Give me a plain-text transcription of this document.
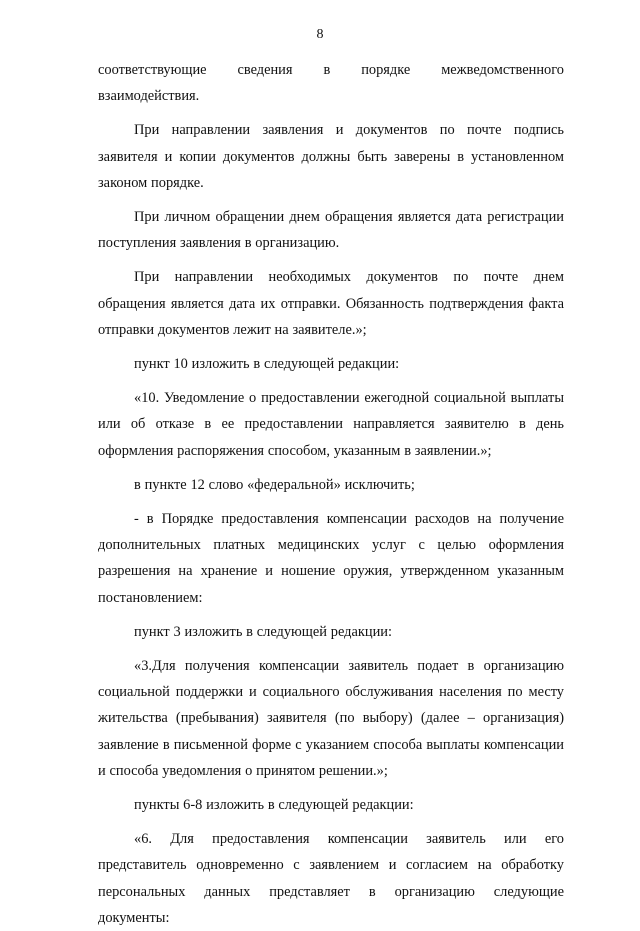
8
соответствующие сведения в порядке межведомственного
взаимодействия.
При направлении заявления и документов по почте подпись
заявителя и копии документов должны быть заверены в установленном
законом порядке.
При личном обращении днем обращения является дата регистрации
поступления заявления в организацию.
При направлении необходимых документов по почте днем
обращения является дата их отправки. Обязанность подтверждения факта
отправки документов лежит на заявителе.»;
пункт 10 изложить в следующей редакции:
«10. Уведомление о предоставлении ежегодной социальной выплаты
или об отказе в ее предоставлении направляется заявителю в день
оформления распоряжения способом, указанным в заявлении.»;
в пункте 12 слово «федеральной» исключить;
- в Порядке предоставления компенсации расходов на получение
дополнительных платных медицинских услуг с целью оформления
разрешения на хранение и ношение оружия, утвержденном указанным
постановлением:
пункт 3 изложить в следующей редакции:
«3.Для получения компенсации заявитель подает в организацию
социальной поддержки и социального обслуживания населения по месту
жительства (пребывания) заявителя (по выбору) (далее – организация)
заявление в письменной форме с указанием способа выплаты компенсации
и способа уведомления о принятом решении.»;
пункты 6-8 изложить в следующей редакции:
«6. Для предоставления компенсации заявитель или его
представитель одновременно с заявлением и согласием на обработку
персональных данных представляет в организацию следующие
документы:
